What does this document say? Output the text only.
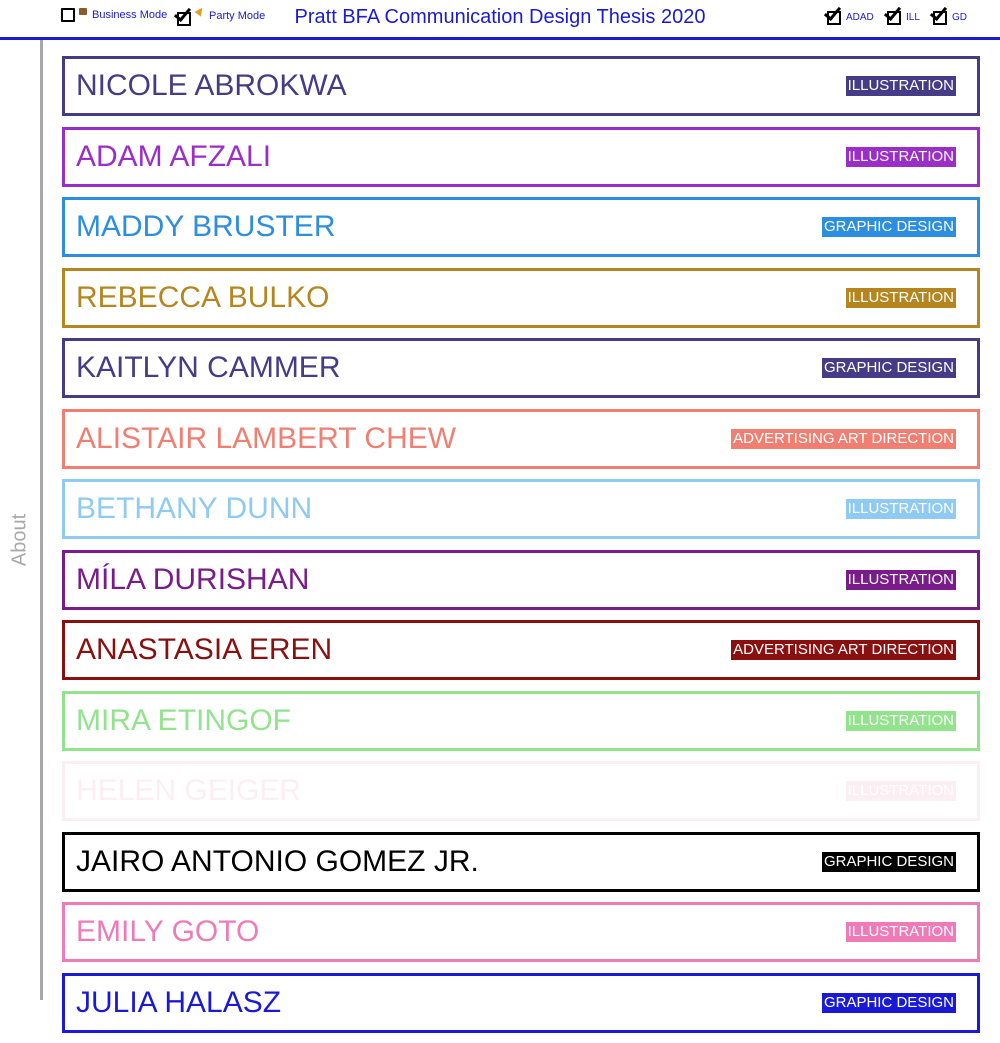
Business Mode	Party Mode	Pratt BFA Communication Design Thesis 2020	ADAD	ILL	GD
About
NICOLE ABROKWA	ILLUSTRATION
ADAM AFZALI	ILLUSTRATION
MADDY BRUSTER	GRAPHIC DESIGN
REBECCA BULKO	ILLUSTRATION
KAITLYN CAMMER	GRAPHIC DESIGN
ALISTAIR LAMBERT CHEW	ADVERTISING ART DIRECTION
BETHANY DUNN	ILLUSTRATION
MÍLA DURISHAN	ILLUSTRATION
ANASTASIA EREN	ADVERTISING ART DIRECTION
MIRA ETINGOF	ILLUSTRATION
HELEN GEIGER	ILLUSTRATION
JAIRO ANTONIO GOMEZ JR.	GRAPHIC DESIGN
EMILY GOTO	ILLUSTRATION
JULIA HALASZ	GRAPHIC DESIGN
